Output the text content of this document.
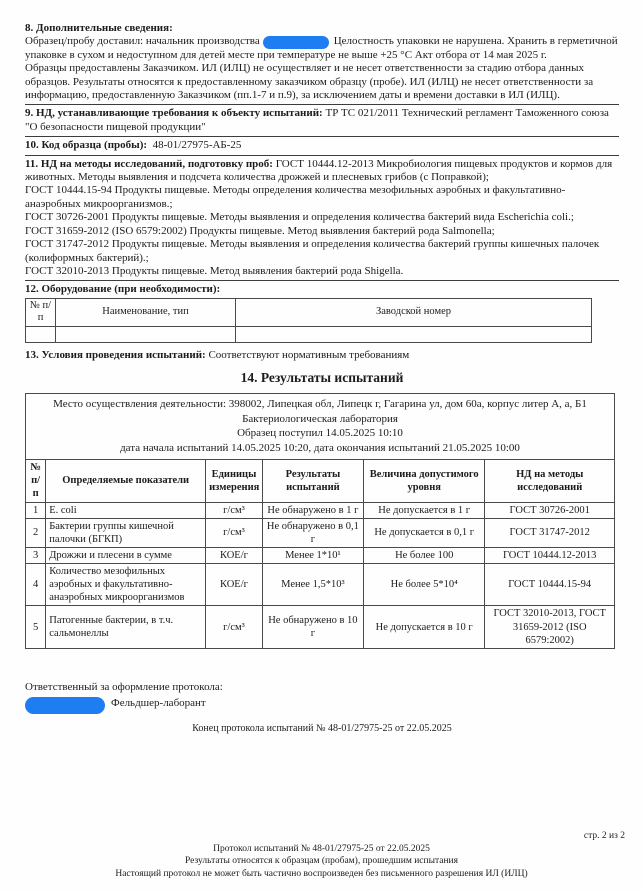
8. Дополнительные сведения:

Образец/пробу доставил: начальник производства	Целостность упаковки не нарушена. Хранить в герметичной упаковке в сухом и недоступном для детей месте при температуре не выше +25 °C Акт отбора от 14 мая 2025 г.

Образцы предоставлены Заказчиком. ИЛ (ИЛЦ) не осуществляет и не несет ответственности за стадию отбора данных образцов. Результаты относятся к предоставленному заказчиком образцу (пробе). ИЛ (ИЛЦ) не несет ответственности за информацию, предоставленную Заказчиком (пп.1-7 и п.9), за исключением даты и времени доставки в ИЛ (ИЛЦ).

9. НД, устанавливающие требования к объекту испытаний: ТР ТС 021/2011 Технический регламент Таможенного союза "О безопасности пищевой продукции"

10. Код образца (пробы): 48-01/27975-АБ-25

11. НД на методы исследований, подготовку проб: ГОСТ 10444.12-2013 Микробиология пищевых продуктов и кормов для животных. Методы выявления и подсчета количества дрожжей и плесневых грибов (с Поправкой);

ГОСТ 10444.15-94 Продукты пищевые. Методы определения количества мезофильных аэробных и факультативно-анаэробных микроорганизмов.;

ГОСТ 30726-2001 Продукты пищевые. Методы выявления и определения количества бактерий вида Escherichia coli.;

ГОСТ 31659-2012 (ISO 6579:2002) Продукты пищевые. Метод выявления бактерий рода Salmonella;

ГОСТ 31747-2012 Продукты пищевые. Методы выявления и определения количества бактерий группы кишечных палочек (колиформных бактерий).;

ГОСТ 32010-2013 Продукты пищевые. Метод выявления бактерий рода Shigella.

12. Оборудование (при необходимости):

№ п/п	Наименование, тип	Заводской номер

13. Условия проведения испытаний: Соответствуют нормативным требованиям

14. Результаты испытаний
Место осуществления деятельности: 398002, Липецкая обл, Липецк г, Гагарина ул, дом 60а, корпус литер А, а, Б1
Бактериологическая лаборатория
Образец поступил 14.05.2025 10:10
дата начала испытаний 14.05.2025 10:20, дата окончания испытаний 21.05.2025 10:00					

№ п/п	Определяемые показатели	Единицы измерения	Результаты испытаний	Величина допустимого уровня	НД на методы исследований
1	E. coli	г/см³	Не обнаружено в 1 г	Не допускается в 1 г	ГОСТ 30726-2001
2	Бактерии группы кишечной палочки (БГКП)	г/см³	Не обнаружено в 0,1 г	Не допускается в 0,1 г	ГОСТ 31747-2012
3	Дрожжи и плесени в сумме	КОЕ/г	Менее 1*10¹	Не более 100	ГОСТ 10444.12-2013
4	Количество мезофильных аэробных и факультативно-анаэробных микроорганизмов	КОЕ/г	Менее 1,5*10³	Не более 5*10⁴	ГОСТ 10444.15-94
5	Патогенные бактерии, в т.ч. сальмонеллы	г/см³	Не обнаружено в 10 г	Не допускается в 10 г	ГОСТ 32010-2013, ГОСТ 31659-2012 (ISO 6579:2002)

Ответственный за оформление протокола:

Фельдшер-лаборант

Конец протокола испытаний № 48-01/27975-25 от 22.05.2025
стр. 2 из 2
Протокол испытаний № 48-01/27975-25 от 22.05.2025
Результаты относятся к образцам (пробам), прошедшим испытания
Настоящий протокол не может быть частично воспроизведен без письменного разрешения ИЛ (ИЛЦ)
